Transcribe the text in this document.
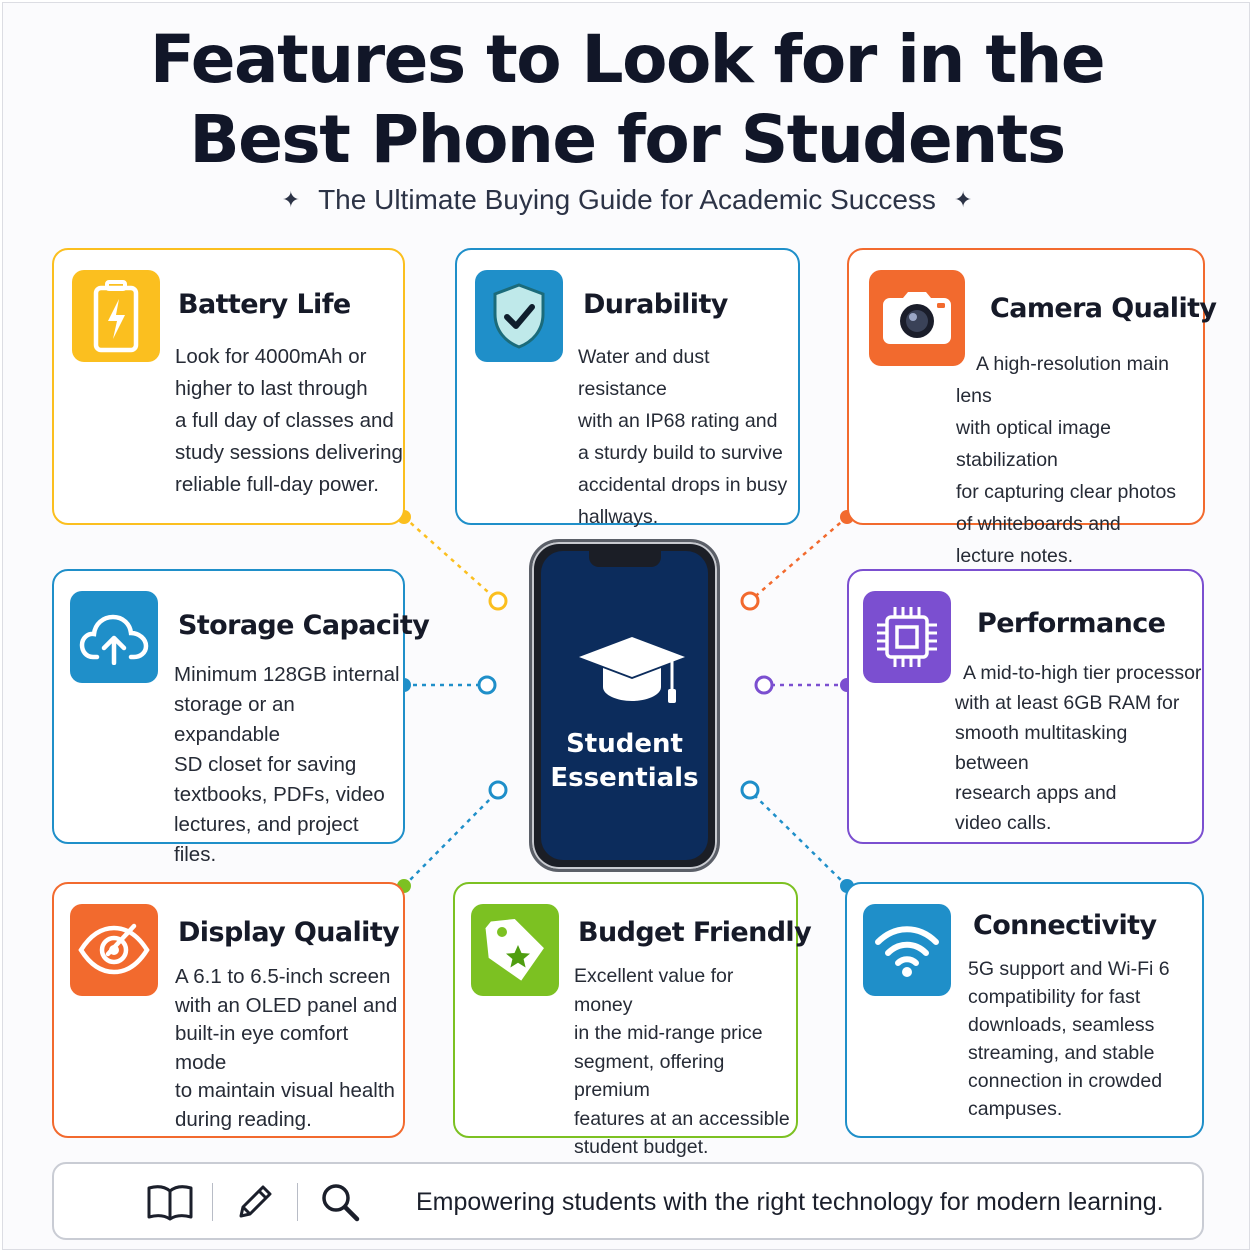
Features to Look for in the
Best Phone for Students
✦ The Ultimate Buying Guide for Academic Success ✦
Battery Life
Look for 4000mAh or
higher to last through
a full day of classes and
study sessions delivering
reliable full-day power.
Durability
Water and dust resistance
with an IP68 rating and
a sturdy build to survive
accidental drops in busy
hallways.
Camera Quality
A high-resolution main lens
with optical image stabilization
for capturing clear photos
of whiteboards and
lecture notes.
Storage Capacity
Minimum 128GB internal
storage or an expandable
SD closet for saving
textbooks, PDFs, video
lectures, and project files.
Performance
A mid-to-high tier processor
with at least 6GB RAM for
smooth multitasking between
research apps and
video calls.
Display Quality
A 6.1 to 6.5-inch screen
with an OLED panel and
built-in eye comfort mode
to maintain visual health
during reading.
Budget Friendly
Excellent value for money
in the mid-range price
segment, offering premium
features at an accessible
student budget.
Connectivity
5G support and Wi-Fi 6
compatibility for fast
downloads, seamless
streaming, and stable
connection in crowded
campuses.
Student
Essentials
Empowering students with the right technology for modern learning.
